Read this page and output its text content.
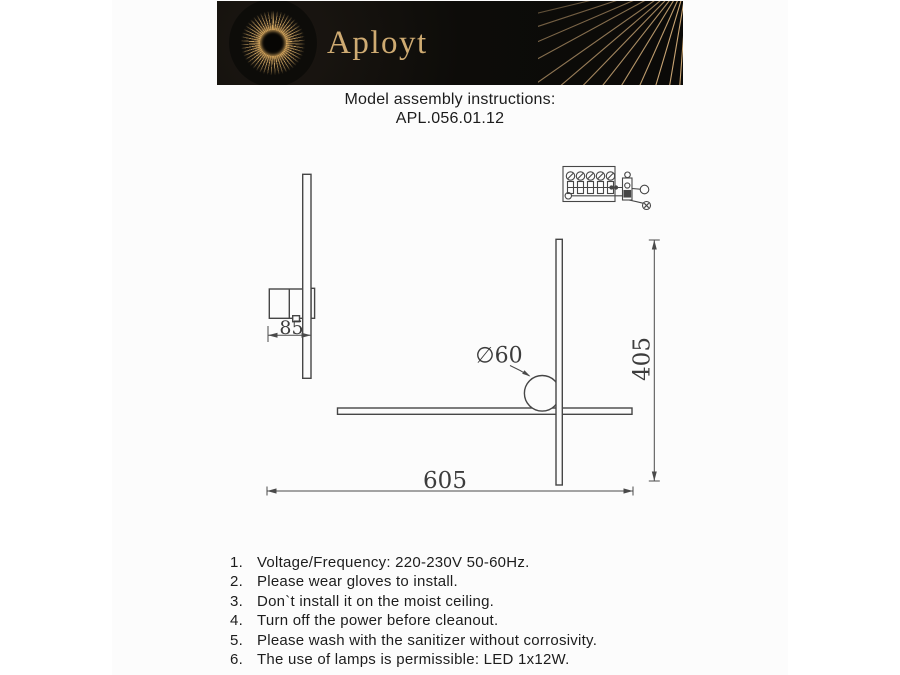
Aployt
Model assembly instructions:
APL.056.01.12
85
∅60	405
605
1. Voltage/Frequency: 220-230V 50-60Hz.
2. Please wear gloves to install.
3. Don`t install it on the moist ceiling.
4. Turn off the power before cleanout.
5. Please wash with the sanitizer without corrosivity.
6. The use of lamps is permissible: LED 1x12W.
